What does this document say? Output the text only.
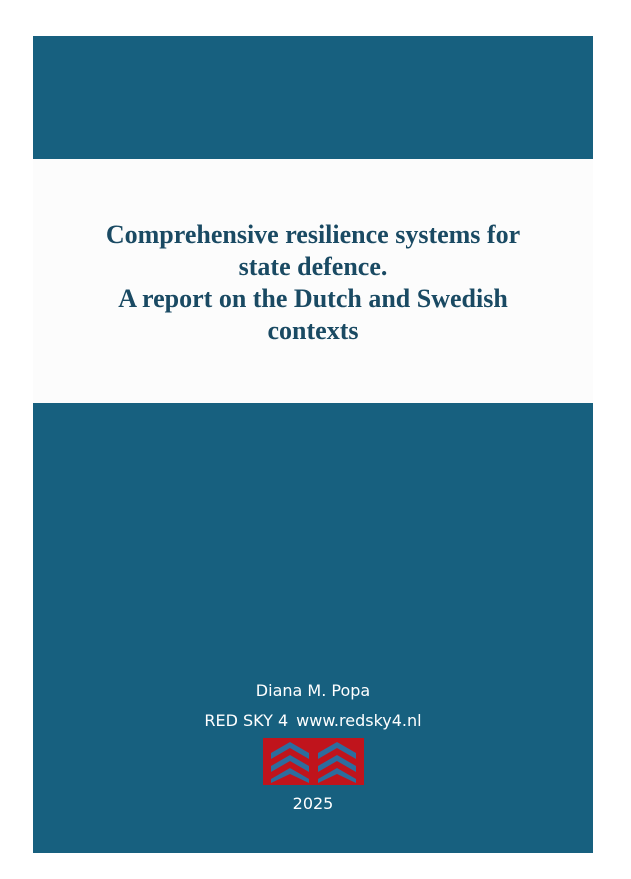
Comprehensive resilience systems for
state defence.
A report on the Dutch and Swedish
contexts
Diana M. Popa
RED SKY 4 www.redsky4.nl
2025
